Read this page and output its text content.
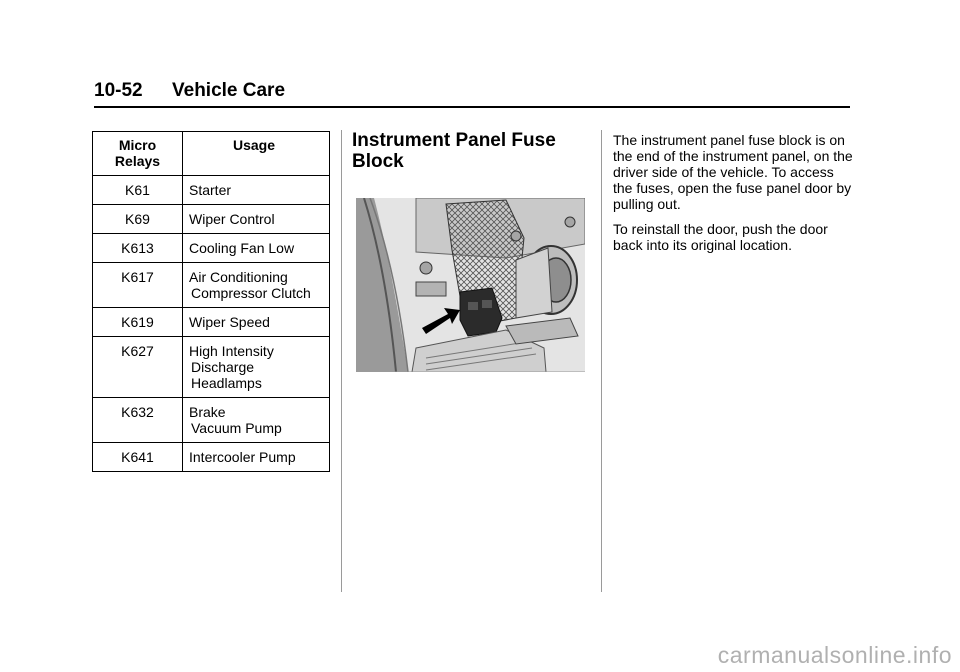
10-52 Vehicle Care
Micro
Relays	Usage
K61	Starter

K69	Wiper Control

K613	Cooling Fan Low

K617	Air Conditioning
Compressor Clutch

K619	Wiper Speed

K627	High Intensity
Discharge
Headlamps

K632	Brake
Vacuum Pump

K641	Intercooler Pump
Instrument Panel Fuse
Block

The instrument panel fuse block is on the end of the instrument panel, on the driver side of the vehicle. To access the fuses, open the fuse panel door by pulling out.

To reinstall the door, push the door back into its original location.

carmanualsonline.info
